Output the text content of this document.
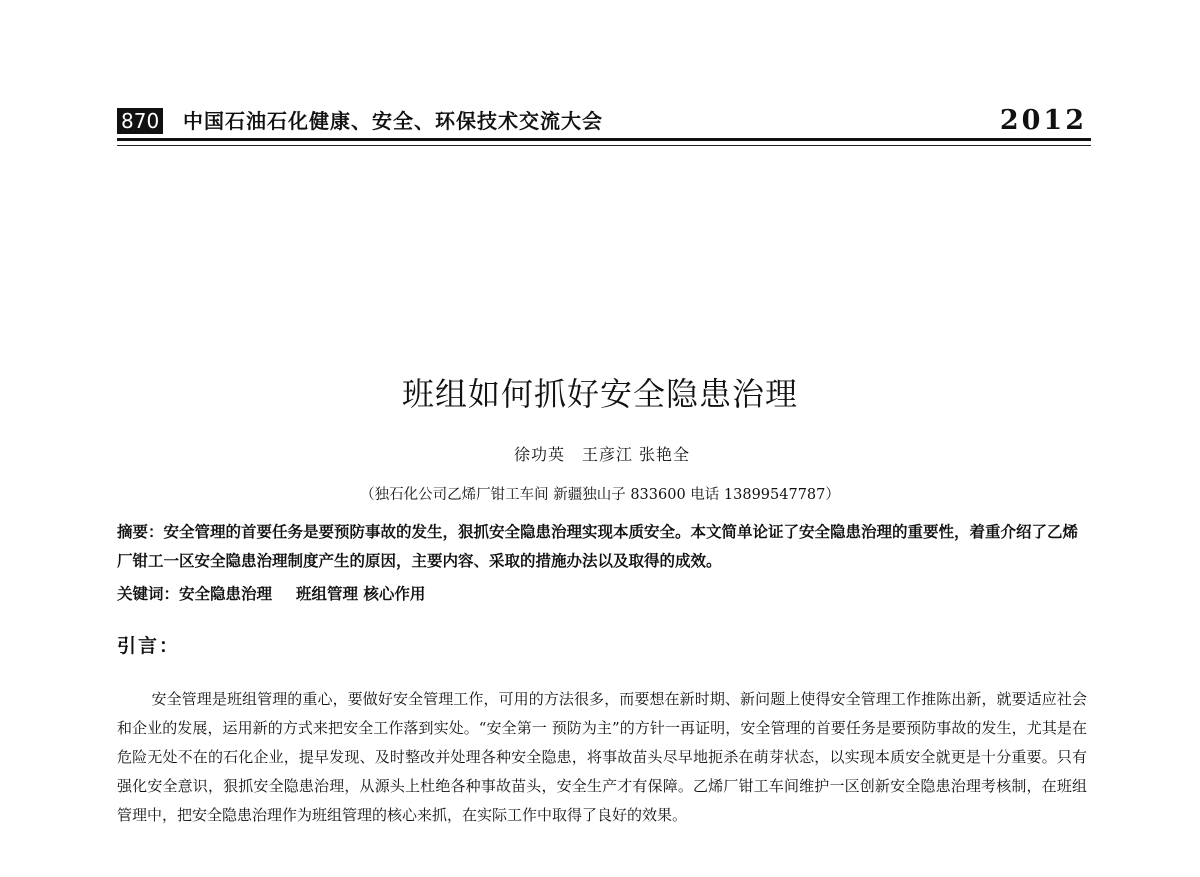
870 中国石油石化健康、安全、环保技术交流大会	2012
班组如何抓好安全隐患治理
徐功英　王彦江 张艳全
（独石化公司乙烯厂钳工车间 新疆独山子 833600 电话 13899547787）
摘要：安全管理的首要任务是要预防事故的发生，狠抓安全隐患治理实现本质安全。本文简单论证了安全隐患治理的重要性，着重介绍了乙烯厂钳工一区安全隐患治理制度产生的原因，主要内容、采取的措施办法以及取得的成效。
关键词：安全隐患治理 班组管理 核心作用
引言：
安全管理是班组管理的重心，要做好安全管理工作，可用的方法很多，而要想在新时期、新问题上使得安全管理工作推陈出新，就要适应社会和企业的发展，运用新的方式来把安全工作落到实处。“安全第一 预防为主”的方针一再证明，安全管理的首要任务是要预防事故的发生，尤其是在危险无处不在的石化企业，提早发现、及时整改并处理各种安全隐患，将事故苗头尽早地扼杀在萌芽状态，以实现本质安全就更是十分重要。只有强化安全意识，狠抓安全隐患治理，从源头上杜绝各种事故苗头，安全生产才有保障。乙烯厂钳工车间维护一区创新安全隐患治理考核制，在班组管理中，把安全隐患治理作为班组管理的核心来抓，在实际工作中取得了良好的效果。
